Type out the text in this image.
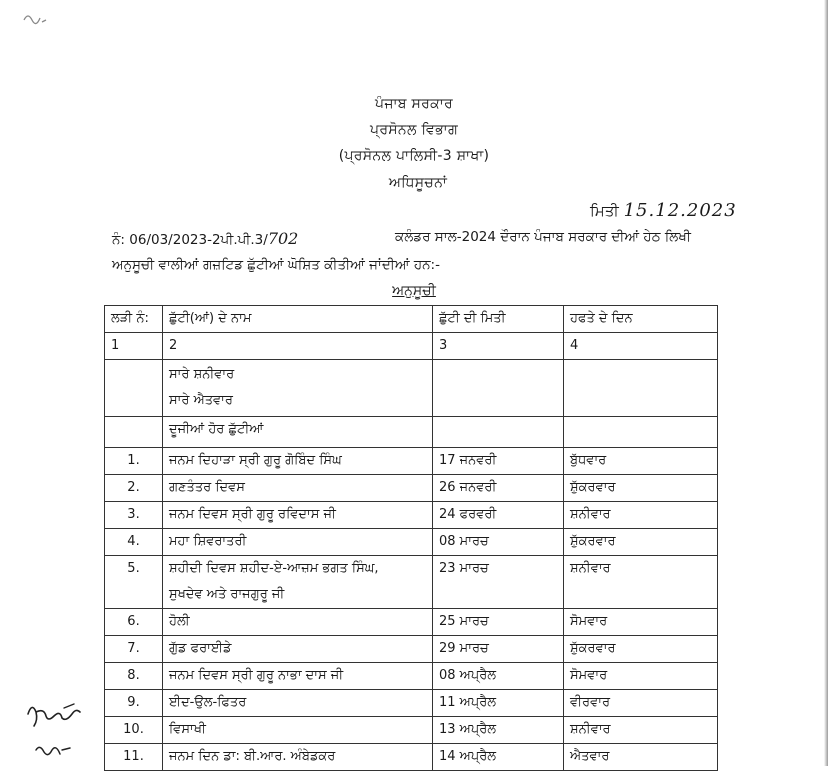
ਪੰਜਾਬ ਸਰਕਾਰ
ਪ੍ਰਸੋਨਲ ਵਿਭਾਗ
(ਪ੍ਰਸੋਨਲ ਪਾਲਿਸੀ-3 ਸ਼ਾਖਾ)
ਅਧਿਸੂਚਨਾਂ
ਮਿਤੀ 15.12.2023
ਨੰ: 06/03/2023-2ਪੀ.ਪੀ.3/702	ਕਲੰਡਰ ਸਾਲ-2024 ਦੌਰਾਨ ਪੰਜਾਬ ਸਰਕਾਰ ਦੀਆਂ ਹੇਠ ਲਿਖੀ
ਅਨੁਸੂਚੀ ਵਾਲੀਆਂ ਗਜ਼ਟਿਡ ਛੁੱਟੀਆਂ ਘੋਸ਼ਿਤ ਕੀਤੀਆਂ ਜਾਂਦੀਆਂ ਹਨ:-
ਅਨੁਸੂਚੀ
ਲੜੀ ਨੰ:	ਛੁੱਟੀ(ਆਂ) ਦੇ ਨਾਮ	ਛੁੱਟੀ ਦੀ ਮਿਤੀ	ਹਫਤੇ ਦੇ ਦਿਨ
1	2	3	4

	ਸਾਰੇ ਸ਼ਨੀਵਾਰ
ਸਾਰੇ ਐਤਵਾਰ		

	ਦੂਜੀਆਂ ਹੋਰ ਛੁੱਟੀਆਂ		
1.	ਜਨਮ ਦਿਹਾੜਾ ਸ੍ਰੀ ਗੁਰੂ ਗੋਬਿੰਦ ਸਿੰਘ	17 ਜਨਵਰੀ	ਬੁੱਧਵਾਰ
2.	ਗਣਤੰਤਰ ਦਿਵਸ	26 ਜਨਵਰੀ	ਸ਼ੁੱਕਰਵਾਰ
3.	ਜਨਮ ਦਿਵਸ ਸ੍ਰੀ ਗੁਰੂ ਰਵਿਦਾਸ ਜੀ	24 ਫਰਵਰੀ	ਸ਼ਨੀਵਾਰ
4.	ਮਹਾ ਸ਼ਿਵਰਾਤਰੀ	08 ਮਾਰਚ	ਸ਼ੁੱਕਰਵਾਰ
5.	ਸ਼ਹੀਦੀ ਦਿਵਸ ਸ਼ਹੀਦ-ਏ-ਆਜ਼ਮ ਭਗਤ ਸਿੰਘ,
ਸੁਖਦੇਵ ਅਤੇ ਰਾਜਗੁਰੂ ਜੀ	23 ਮਾਰਚ	ਸ਼ਨੀਵਾਰ
6.	ਹੋਲੀ	25 ਮਾਰਚ	ਸੋਮਵਾਰ
7.	ਗੁੱਡ ਫਰਾਈਡੇ	29 ਮਾਰਚ	ਸ਼ੁੱਕਰਵਾਰ
8.	ਜਨਮ ਦਿਵਸ ਸ੍ਰੀ ਗੁਰੂ ਨਾਭਾ ਦਾਸ ਜੀ	08 ਅਪ੍ਰੈਲ	ਸੋਮਵਾਰ
9.	ਈਦ-ਉਲ-ਫਿਤਰ	11 ਅਪ੍ਰੈਲ	ਵੀਰਵਾਰ
10.	ਵਿਸਾਖੀ	13 ਅਪ੍ਰੈਲ	ਸ਼ਨੀਵਾਰ
11.	ਜਨਮ ਦਿਨ ਡਾ: ਬੀ.ਆਰ. ਅੰਬੇਡਕਰ	14 ਅਪ੍ਰੈਲ	ਐਤਵਾਰ
